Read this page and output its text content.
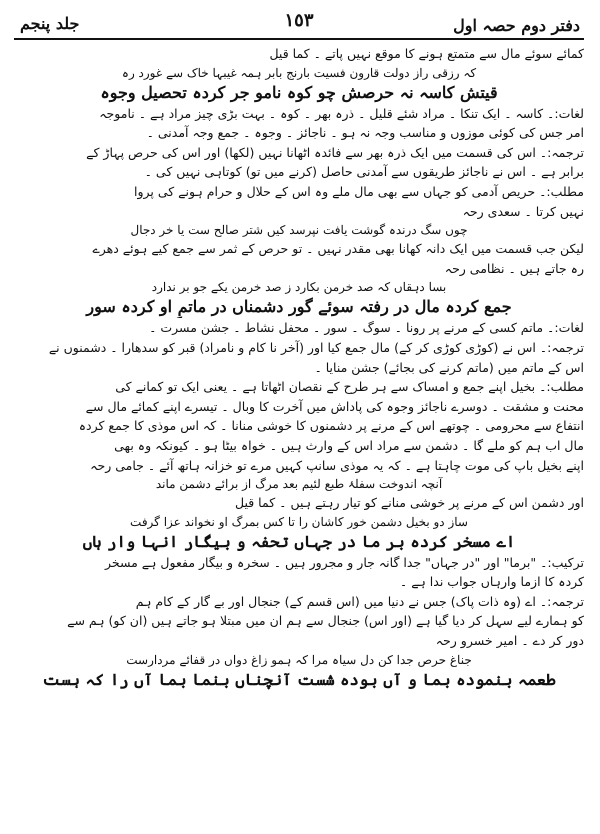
دفتر دوم حصہ اول
١٥٣
جلد پنجم
کمائے سوئے مال سے متمتع ہونے کا موقع نہیں پاتے ۔ کما قیل
کہ رزقی راز دولت قارون فسیت بارنج بابر ہمہ غیبہا خاک سے غورد رہ
قیتش کاسہ نہ حرصش چو کوہ نامو جر کردہ تحصیل وجوہ
لغات:۔ کاسہ ۔ ایک تنکا ۔ مراد شئے قلیل ۔ ذرہ بھر ۔ کوہ ۔ بہت بڑی چیز مراد ہے ۔ ناموجہ
امر جس کی کوئی موزوں و مناسب وجہ نہ ہو ۔ ناجائز ۔ وجوہ ۔ جمع وجہ آمدنی ۔
ترجمہ:۔ اس کی قسمت میں ایک ذرہ بھر سے فائدہ اٹھانا نہیں (لکھا) اور اس کی حرص پہاڑ کے
برابر ہے ۔ اس نے ناجائز طریقوں سے آمدنی حاصل (کرنے میں تو) کوتاہی نہیں کی ۔
مطلب:۔ حریص آدمی کو جہاں سے بھی مال ملے وہ اس کے حلال و حرام ہونے کی پروا
نہیں کرتا ۔ سعدی رحہ
چوں سگ درندہ گوشت یافت نپرسد کیں شتر صالح ست یا خر دجال
لیکن جب قسمت میں ایک دانہ کھانا بھی مقدر نہیں ۔ تو حرص کے ثمر سے جمع کیے ہوئے دھرے
رہ جاتے ہیں ۔ نظامی رحہ
بسا دہقاں کہ صد خرمن بکارد ز صد خرمن یکے جو بر ندارد
جمع کردہ مال در رفتہ سوئے گور دشمناں در ماتمِ او کردہ سور
لغات:۔ ماتم کسی کے مرنے پر رونا ۔ سوگ ۔ سور ۔ محفل نشاط ۔ جشن مسرت ۔
ترجمہ:۔ اس نے (کوڑی کوڑی کر کے) مال جمع کیا اور (آخر نا کام و نامراد) قبر کو سدھارا ۔ دشمنوں نے
اس کے ماتم میں (ماتم کرنے کی بجائے) جشن منایا ۔
مطلب:۔ بخیل اپنے جمع و امساک سے ہر طرح کے نقصان اٹھاتا ہے ۔ یعنی ایک تو کمانے کی
محنت و مشقت ۔ دوسرے ناجائز وجوہ کی پاداش میں آخرت کا وبال ۔ تیسرے اپنے کمائے مال سے
انتفاع سے محرومی ۔ چوتھے اس کے مرنے پر دشمنوں کا خوشی منانا ۔ کہ اس موذی کا جمع کردہ
مال اب ہم کو ملے گا ۔ دشمن سے مراد اس کے وارث ہیں ۔ خواہ بیٹا ہو ۔ کیونکہ وہ بھی
اپنے بخیل باپ کی موت چاہتا ہے ۔ کہ یہ موذی سانپ کہیں مرے تو خزانہ ہاتھ آئے ۔ جامی رحہ
آنچہ اندوخت سفلۂ طبع لئیم بعد مرگ از برائے دشمن ماند
اور دشمن اس کے مرنے پر خوشی منانے کو تیار رہتے ہیں ۔ کما قیل
ساز دو بخیل دشمن خور کاشان را تا کس بمرگ او نخواند عزا گرفت
اے مسخر کردہ بر ما در جہاں تحفہ و بیگار انہا وار ہاں
ترکیب:۔ "برما" اور "در جہاں" جدا گانہ جار و مجرور ہیں ۔ سخرہ و بیگار مفعول ہے مسخر
کردہ کا ازما وارہاں جواب ندا ہے ۔
ترجمہ:۔ اے (وہ ذات پاک) جس نے دنیا میں (اس قسم کے) جنجال اور بے گار کے کام ہم
کو ہمارے لیے سہل کر دیا گیا ہے (اور اس) جنجال سے ہم ان میں مبتلا ہو جاتے ہیں (ان کو) ہم سے
دور کر دے ۔ امیر خسرو رحہ
جناغ حرص جدا کن دل سیاہ مرا کہ ہمو زاغ دواں در قفائے مردارست
طعمہ بنمودہ بما و آں بودہ شست آنچناں بنما بما آں را کہ ہست
